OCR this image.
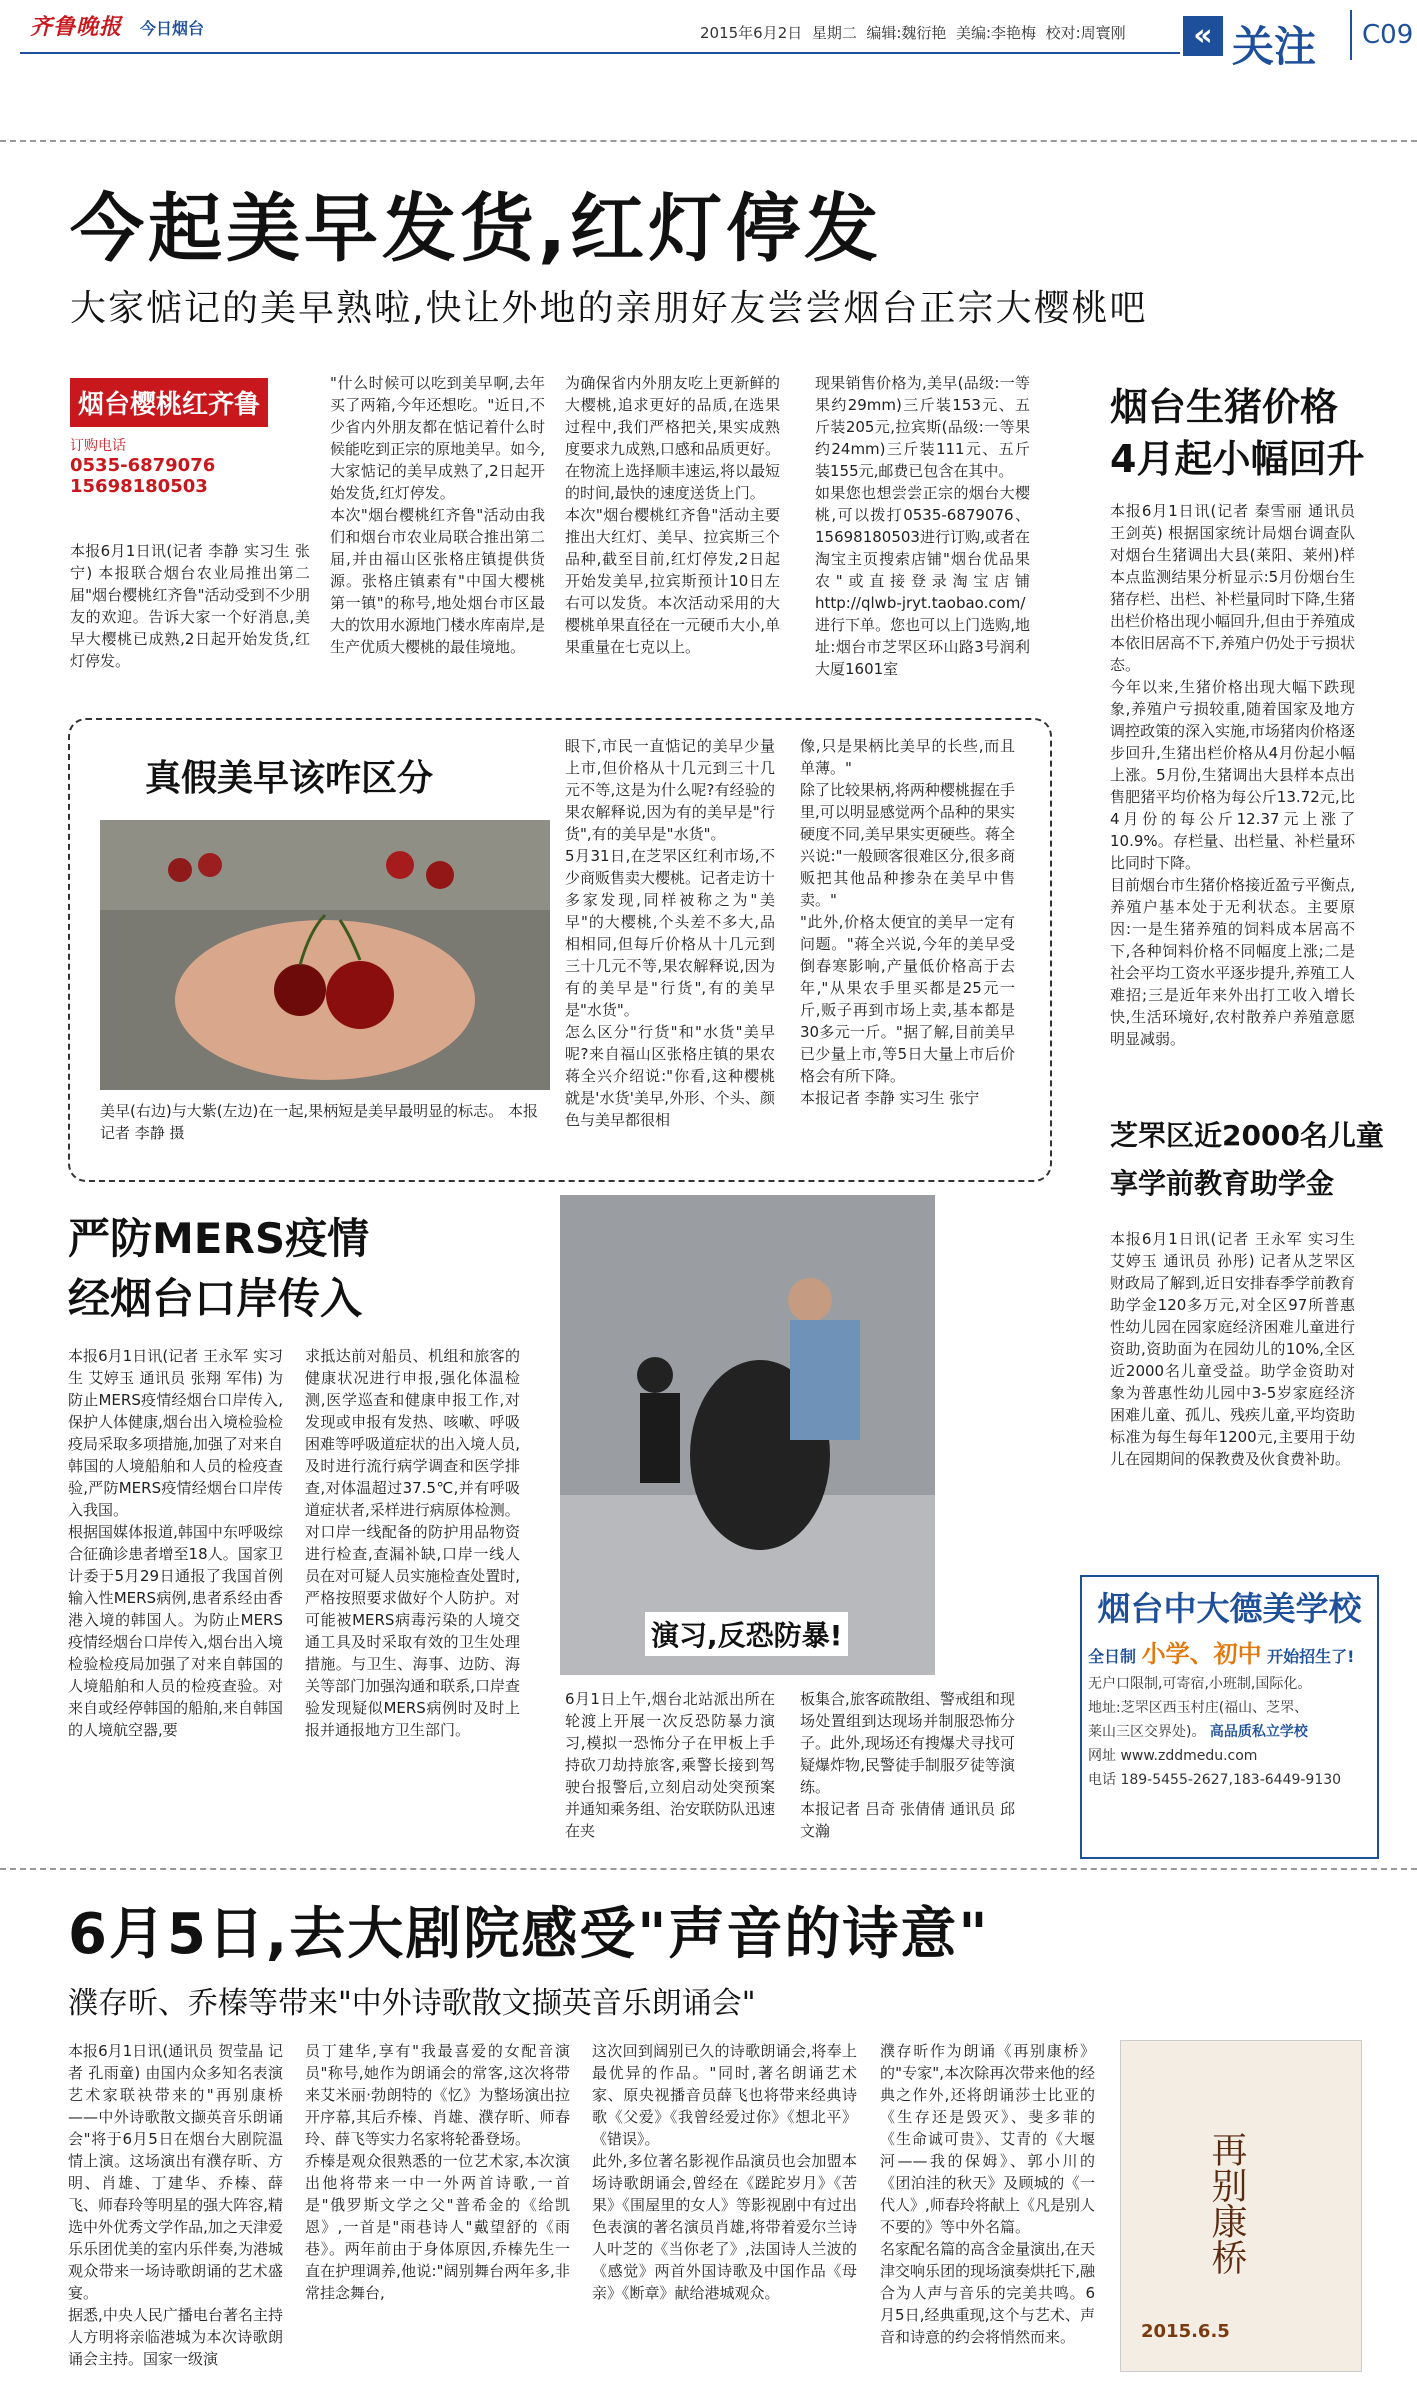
齐鲁晚报 今日烟台	2015年6月2日 星期二 编辑:魏衍艳 美编:李艳梅 校对:周寰刚	« 关注 C09
今起美早发货,红灯停发
大家惦记的美早熟啦,快让外地的亲朋好友尝尝烟台正宗大樱桃吧
烟台樱桃红齐鲁
订购电话
0535-6879076
15698180503
本报6月1日讯(记者 李静 实习生 张宁) 本报联合烟台农业局推出第二届"烟台樱桃红齐鲁"活动受到不少朋友的欢迎。告诉大家一个好消息,美早大樱桃已成熟,2日起开始发货,红灯停发。
"什么时候可以吃到美早啊,去年买了两箱,今年还想吃。"近日,不少省内外朋友都在惦记着什么时候能吃到正宗的原地美早。如今,大家惦记的美早成熟了,2日起开始发货,红灯停发。
本次"烟台樱桃红齐鲁"活动由我们和烟台市农业局联合推出第二届,并由福山区张格庄镇提供货源。张格庄镇素有"中国大樱桃第一镇"的称号,地处烟台市区最大的饮用水源地门楼水库南岸,是生产优质大樱桃的最佳境地。
为确保省内外朋友吃上更新鲜的大樱桃,追求更好的品质,在选果过程中,我们严格把关,果实成熟度要求九成熟,口感和品质更好。在物流上选择顺丰速运,将以最短的时间,最快的速度送货上门。
本次"烟台樱桃红齐鲁"活动主要推出大红灯、美早、拉宾斯三个品种,截至目前,红灯停发,2日起开始发美早,拉宾斯预计10日左右可以发货。本次活动采用的大樱桃单果直径在一元硬币大小,单果重量在七克以上。
现果销售价格为,美早(品级:一等果约29mm)三斤装153元、五斤装205元,拉宾斯(品级:一等果约24mm)三斤装111元、五斤装155元,邮费已包含在其中。
如果您也想尝尝正宗的烟台大樱桃,可以拨打0535-6879076、15698180503进行订购,或者在淘宝主页搜索店铺"烟台优品果农"或直接登录淘宝店铺http://qlwb-jryt.taobao.com/进行下单。您也可以上门选购,地址:烟台市芝罘区环山路3号润利大厦1601室
真假美早该咋区分
美早(右边)与大紫(左边)在一起,果柄短是美早最明显的标志。 本报记者 李静 摄
眼下,市民一直惦记的美早少量上市,但价格从十几元到三十几元不等,这是为什么呢?有经验的果农解释说,因为有的美早是"行货",有的美早是"水货"。
5月31日,在芝罘区红利市场,不少商贩售卖大樱桃。记者走访十多家发现,同样被称之为"美早"的大樱桃,个头差不多大,品相相同,但每斤价格从十几元到三十几元不等,果农解释说,因为有的美早是"行货",有的美早是"水货"。
怎么区分"行货"和"水货"美早呢?来自福山区张格庄镇的果农蒋全兴介绍说:"你看,这种樱桃就是'水货'美早,外形、个头、颜色与美早都很相
像,只是果柄比美早的长些,而且单薄。"
除了比较果柄,将两种樱桃握在手里,可以明显感觉两个品种的果实硬度不同,美早果实更硬些。蒋全兴说:"一般顾客很难区分,很多商贩把其他品种掺杂在美早中售卖。"
"此外,价格太便宜的美早一定有问题。"蒋全兴说,今年的美早受倒春寒影响,产量低价格高于去年,"从果农手里买都是25元一斤,贩子再到市场上卖,基本都是30多元一斤。"据了解,目前美早已少量上市,等5日大量上市后价格会有所下降。
本报记者 李静 实习生 张宁
烟台生猪价格
4月起小幅回升
本报6月1日讯(记者 秦雪丽 通讯员 王剑英) 根据国家统计局烟台调查队对烟台生猪调出大县(莱阳、莱州)样本点监测结果分析显示:5月份烟台生猪存栏、出栏、补栏量同时下降,生猪出栏价格出现小幅回升,但由于养殖成本依旧居高不下,养殖户仍处于亏损状态。
今年以来,生猪价格出现大幅下跌现象,养殖户亏损较重,随着国家及地方调控政策的深入实施,市场猪肉价格逐步回升,生猪出栏价格从4月份起小幅上涨。5月份,生猪调出大县样本点出售肥猪平均价格为每公斤13.72元,比4月份的每公斤12.37元上涨了10.9%。存栏量、出栏量、补栏量环比同时下降。
目前烟台市生猪价格接近盈亏平衡点,养殖户基本处于无利状态。主要原因:一是生猪养殖的饲料成本居高不下,各种饲料价格不同幅度上涨;二是社会平均工资水平逐步提升,养殖工人难招;三是近年来外出打工收入增长快,生活环境好,农村散养户养殖意愿明显减弱。
芝罘区近2000名儿童
享学前教育助学金
本报6月1日讯(记者 王永军 实习生 艾婷玉 通讯员 孙彤) 记者从芝罘区财政局了解到,近日安排春季学前教育助学金120多万元,对全区97所普惠性幼儿园在园家庭经济困难儿童进行资助,资助面为在园幼儿的10%,全区近2000名儿童受益。助学金资助对象为普惠性幼儿园中3-5岁家庭经济困难儿童、孤儿、残疾儿童,平均资助标准为每生每年1200元,主要用于幼儿在园期间的保教费及伙食费补助。
烟台中大德美学校
全日制 小学、初中 开始招生了!
无户口限制,可寄宿,小班制,国际化。
地址:芝罘区西玉村庄(福山、芝罘、
莱山三区交界处)。 高品质私立学校
网址 www.zddmedu.com
电话 189-5455-2627,183-6449-9130
严防MERS疫情
经烟台口岸传入
本报6月1日讯(记者 王永军 实习生 艾婷玉 通讯员 张翔 军伟) 为防止MERS疫情经烟台口岸传入,保护人体健康,烟台出入境检验检疫局采取多项措施,加强了对来自韩国的人境船舶和人员的检疫查验,严防MERS疫情经烟台口岸传入我国。
根据国媒体报道,韩国中东呼吸综合征确诊患者增至18人。国家卫计委于5月29日通报了我国首例输入性MERS病例,患者系经由香港入境的韩国人。为防止MERS疫情经烟台口岸传入,烟台出入境检验检疫局加强了对来自韩国的人境船舶和人员的检疫查验。对来自或经停韩国的船舶,来自韩国的人境航空器,要
求抵达前对船员、机组和旅客的健康状况进行申报,强化体温检测,医学巡查和健康申报工作,对发现或申报有发热、咳嗽、呼吸困难等呼吸道症状的出入境人员,及时进行流行病学调查和医学排查,对体温超过37.5℃,并有呼吸道症状者,采样进行病原体检测。
对口岸一线配备的防护用品物资进行检查,查漏补缺,口岸一线人员在对可疑人员实施检查处置时,严格按照要求做好个人防护。对可能被MERS病毒污染的人境交通工具及时采取有效的卫生处理措施。与卫生、海事、边防、海关等部门加强沟通和联系,口岸查验发现疑似MERS病例时及时上报并通报地方卫生部门。
演习,反恐防暴!
6月1日上午,烟台北站派出所在轮渡上开展一次反恐防暴力演习,模拟一恐怖分子在甲板上手持砍刀劫持旅客,乘警长接到驾驶台报警后,立刻启动处突预案并通知乘务组、治安联防队迅速在夹
板集合,旅客疏散组、警戒组和现场处置组到达现场并制服恐怖分子。此外,现场还有搜爆犬寻找可疑爆炸物,民警徒手制服歹徒等演练。
本报记者 吕奇 张倩倩 通讯员 邱文瀚
6月5日,去大剧院感受"声音的诗意"
濮存昕、乔榛等带来"中外诗歌散文撷英音乐朗诵会"
本报6月1日讯(通讯员 贺莹晶 记者 孔雨童) 由国内众多知名表演艺术家联袂带来的"再别康桥——中外诗歌散文撷英音乐朗诵会"将于6月5日在烟台大剧院温情上演。这场演出有濮存昕、方明、肖雄、丁建华、乔榛、薛飞、师春玲等明星的强大阵容,精选中外优秀文学作品,加之天津爱乐乐团优美的室内乐伴奏,为港城观众带来一场诗歌朗诵的艺术盛宴。
据悉,中央人民广播电台著名主持人方明将亲临港城为本次诗歌朗诵会主持。国家一级演
员丁建华,享有"我最喜爱的女配音演员"称号,她作为朗诵会的常客,这次将带来艾米丽·勃朗特的《忆》为整场演出拉开序幕,其后乔榛、肖雄、濮存昕、师春玲、薛飞等实力名家将轮番登场。
乔榛是观众很熟悉的一位艺术家,本次演出他将带来一中一外两首诗歌,一首是"俄罗斯文学之父"普希金的《给凯恩》,一首是"雨巷诗人"戴望舒的《雨巷》。两年前由于身体原因,乔榛先生一直在护理调养,他说:"阔别舞台两年多,非常挂念舞台,
这次回到阔别已久的诗歌朗诵会,将奉上最优异的作品。"同时,著名朗诵艺术家、原央视播音员薛飞也将带来经典诗歌《父爱》《我曾经爱过你》《想北平》《错误》。
此外,多位著名影视作品演员也会加盟本场诗歌朗诵会,曾经在《蹉跎岁月》《苦果》《围屋里的女人》等影视剧中有过出色表演的著名演员肖雄,将带着爱尔兰诗人叶芝的《当你老了》,法国诗人兰波的《感觉》两首外国诗歌及中国作品《母亲》《断章》献给港城观众。
濮存昕作为朗诵《再别康桥》的"专家",本次除再次带来他的经典之作外,还将朗诵莎士比亚的《生存还是毁灭》、斐多菲的《生命诚可贵》、艾青的《大堰河——我的保姆》、郭小川的《团泊洼的秋天》及顾城的《一代人》,师春玲将献上《凡是别人不要的》等中外名篇。
名家配名篇的高含金量演出,在天津交响乐团的现场演奏烘托下,融合为人声与音乐的完美共鸣。6月5日,经典重现,这个与艺术、声音和诗意的约会将悄然而来。
再别康桥
2015.6.5
